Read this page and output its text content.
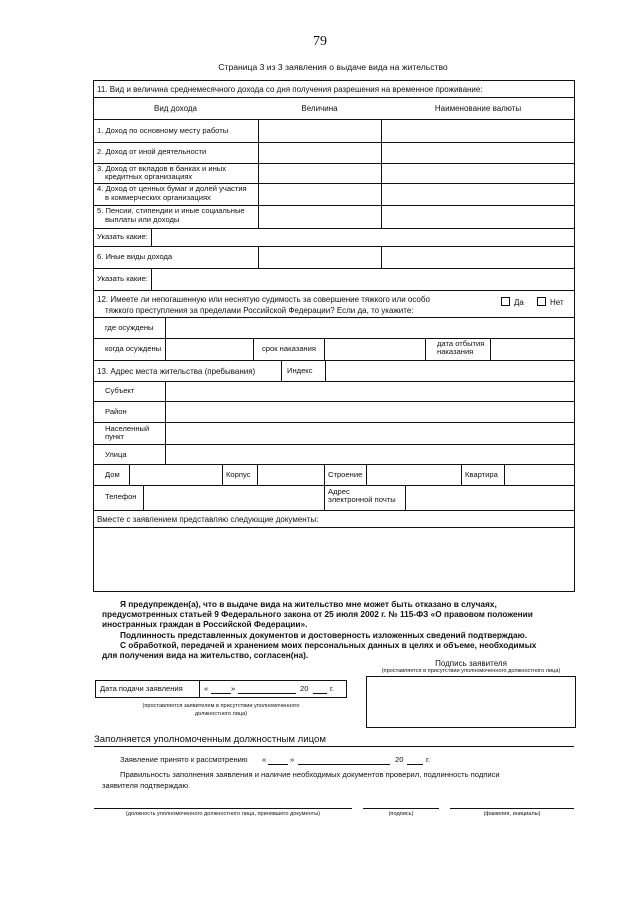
79
Страница 3 из 3 заявления о выдаче вида на жительство
11. Вид и величина среднемесячного дохода со дня получения разрешения на временное проживание:
Вид дохода	Величина	Наименование валюты
1. Доход по основному месту работы
2. Доход от иной деятельности
3. Доход от вкладов в банках и иных
кредитных организациях
4. Доход от ценных бумаг и долей участия
в коммерческих организациях
5. Пенсии, стипендии и иные социальные
выплаты или доходы
Указать какие:
6. Иные виды дохода
Указать какие:
12. Имеете ли непогашенную или неснятую судимость за совершение тяжкого или особо
тяжкого преступления за пределами Российской Федерации? Если да, то укажите:
Да	Нет
где осуждены
когда осуждены	срок наказания
дата отбытия
наказания
13. Адрес места жительства (пребывания)	Индекс
Субъект
Район
Населенный
пункт
Улица
Дом	Корпус	Строение	Квартира
Телефон
Адрес
электронной почты
Вместе с заявлением представляю следующие документы:
Я предупрежден(а), что в выдаче вида на жительство мне может быть отказано в случаях,
предусмотренных статьей 9 Федерального закона от 25 июля 2002 г. № 115-ФЗ «О правовом положении
иностранных граждан в Российской Федерации».
Подлинность представленных документов и достоверность изложенных сведений подтверждаю.
С обработкой, передачей и хранением моих персональных данных в целях и объеме, необходимых
для получения вида на жительство, согласен(на).
Подпись заявителя
(проставляется в присутствии уполномоченного должностного лица)
Дата подачи заявления	«	»	20	г.
(проставляется заявителем в присутствии уполномоченного
должностного лица)
Заполняется уполномоченным должностным лицом
Заявление принято к рассмотрению «	»	20	г.
Правильность заполнения заявления и наличие необходимых документов проверил, подлинность подписи
заявителя подтверждаю.
(должность уполномоченного должностного лица, принявшего документы)	(подпись)	(фамилия, инициалы)
